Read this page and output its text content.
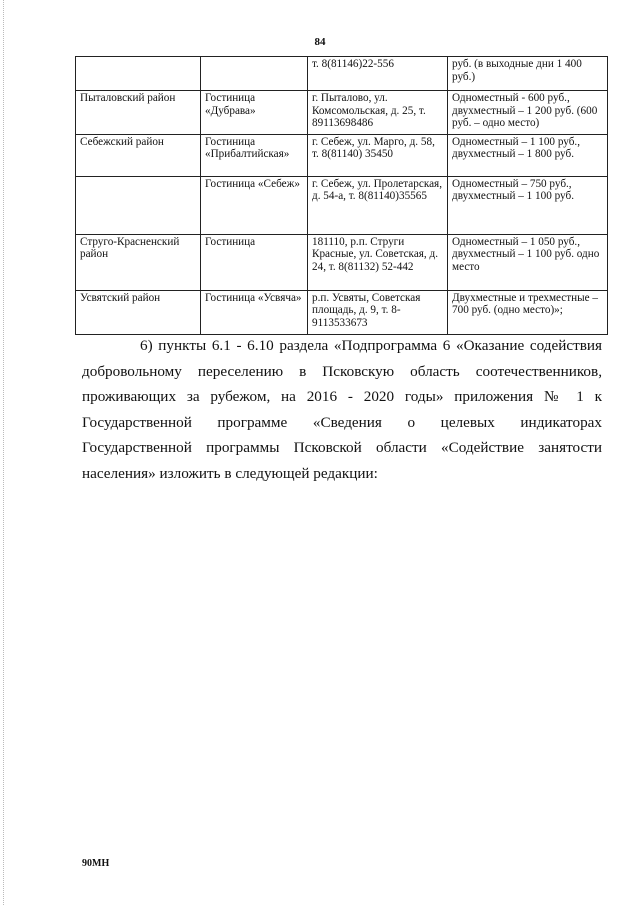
84
		т. 8(81146)22-556	руб. (в выходные дни 1 400 руб.)
Пыталовский район	Гостиница «Дубрава»	г. Пыталово, ул. Комсомольская, д. 25, т. 89113698486	Одноместный - 600 руб., двухместный – 1 200 руб. (600 руб. – одно место)
Себежский район	Гостиница «Прибалтийская»	г. Себеж, ул. Марго, д. 58, т. 8(81140) 35450	Одноместный – 1 100 руб., двухместный – 1 800 руб.
	Гостиница «Себеж»	г. Себеж, ул. Пролетарская, д. 54-а, т. 8(81140)35565	Одноместный – 750 руб., двухместный – 1 100 руб.
Струго-Красненский район	Гостиница	181110, р.п. Струги Красные, ул. Советская, д. 24, т. 8(81132) 52-442	Одноместный – 1 050 руб., двухместный – 1 100 руб. одно место
Усвятский район	Гостиница «Усвяча»	р.п. Усвяты, Советская площадь, д. 9, т. 8-9113533673	Двухместные и трехместные – 700 руб. (одно место)»;

6) пункты 6.1 - 6.10 раздела «Подпрограмма 6 «Оказание содействия добровольному переселению в Псковскую область соотечественников, проживающих за рубежом, на 2016 - 2020 годы» приложения № 1 к Государственной программе «Сведения о целевых индикаторах Государственной программы Псковской области «Содействие занятости населения» изложить в следующей редакции:

90МН
